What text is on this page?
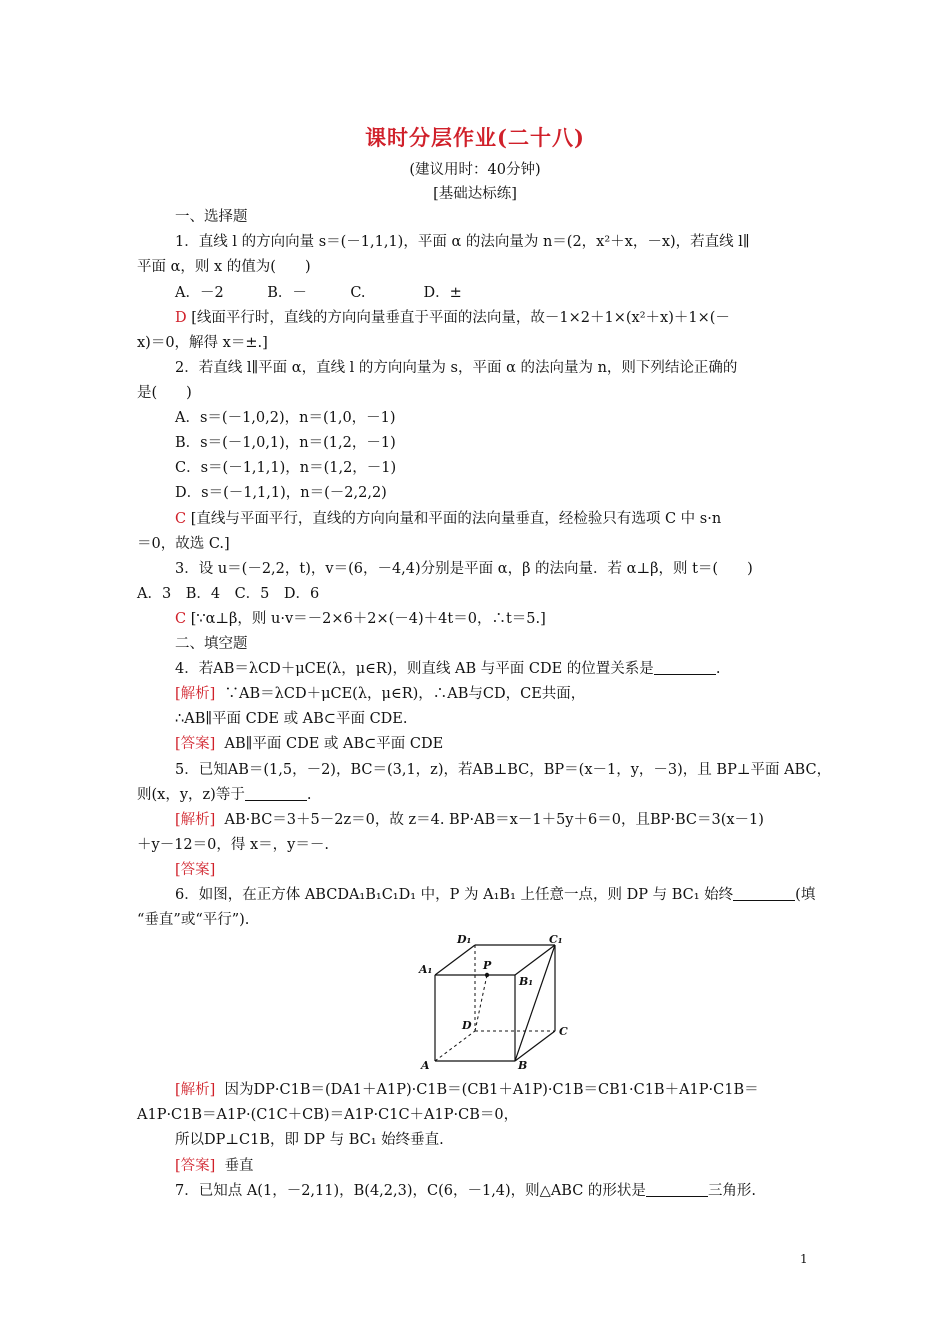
课时分层作业(二十八)
(建议用时：40分钟)
[基础达标练]
一、选择题
1．直线 l 的方向向量 s＝(－1,1,1)，平面 α 的法向量为 n＝(2，x²＋x，－x)，若直线 l∥
平面 α，则 x 的值为(　　)
A．－2　　　B．－　　　C.　　　　D．±
D [线面平行时，直线的方向向量垂直于平面的法向量，故－1×2＋1×(x²＋x)＋1×(－
x)＝0，解得 x＝±.]
2．若直线 l∥平面 α，直线 l 的方向向量为 s，平面 α 的法向量为 n，则下列结论正确的
是(　　)
A．s＝(－1,0,2)，n＝(1,0，－1)
B．s＝(－1,0,1)，n＝(1,2，－1)
C．s＝(－1,1,1)，n＝(1,2，－1)
D．s＝(－1,1,1)，n＝(－2,2,2)
C [直线与平面平行，直线的方向向量和平面的法向量垂直，经检验只有选项 C 中 s·n
＝0，故选 C.]
3．设 u＝(－2,2，t)，v＝(6，－4,4)分别是平面 α，β 的法向量．若 α⊥β，则 t＝(　　)
A．3　B．4　C．5　D．6
C [∵α⊥β，则 u·v＝－2×6＋2×(－4)＋4t＝0，∴t＝5.]
二、填空题
4．若AB＝λCD＋μCE(λ，μ∈R)，则直线 AB 与平面 CDE 的位置关系是	.
[解析] ∵AB＝λCD＋μCE(λ，μ∈R)，∴AB与CD，CE共面，
∴AB∥平面 CDE 或 AB⊂平面 CDE.
[答案] AB∥平面 CDE 或 AB⊂平面 CDE
5．已知AB＝(1,5，－2)，BC＝(3,1，z)，若AB⊥BC，BP＝(x－1，y，－3)，且 BP⊥平面 ABC，
则(x，y，z)等于	.
[解析] AB·BC＝3＋5－2z＝0，故 z＝4. BP·AB＝x－1＋5y＋6＝0，且BP·BC＝3(x－1)
＋y－12＝0，得 x＝，y＝－.
[答案]
6．如图，在正方体 ABCDA₁B₁C₁D₁ 中，P 为 A₁B₁ 上任意一点，则 DP 与 BC₁ 始终	(填
“垂直”或“平行”).
A	B
C
D
A₁
B₁
C₁
D₁
P
[解析] 因为DP·C1B＝(DA1＋A1P)·C1B＝(CB1＋A1P)·C1B＝CB1·C1B＋A1P·C1B＝
A1P·C1B＝A1P·(C1C＋CB)＝A1P·C1C＋A1P·CB＝0，
所以DP⊥C1B，即 DP 与 BC₁ 始终垂直.
[答案] 垂直
7．已知点 A(1，－2,11)，B(4,2,3)，C(6，－1,4)，则△ABC 的形状是	三角形.
1
